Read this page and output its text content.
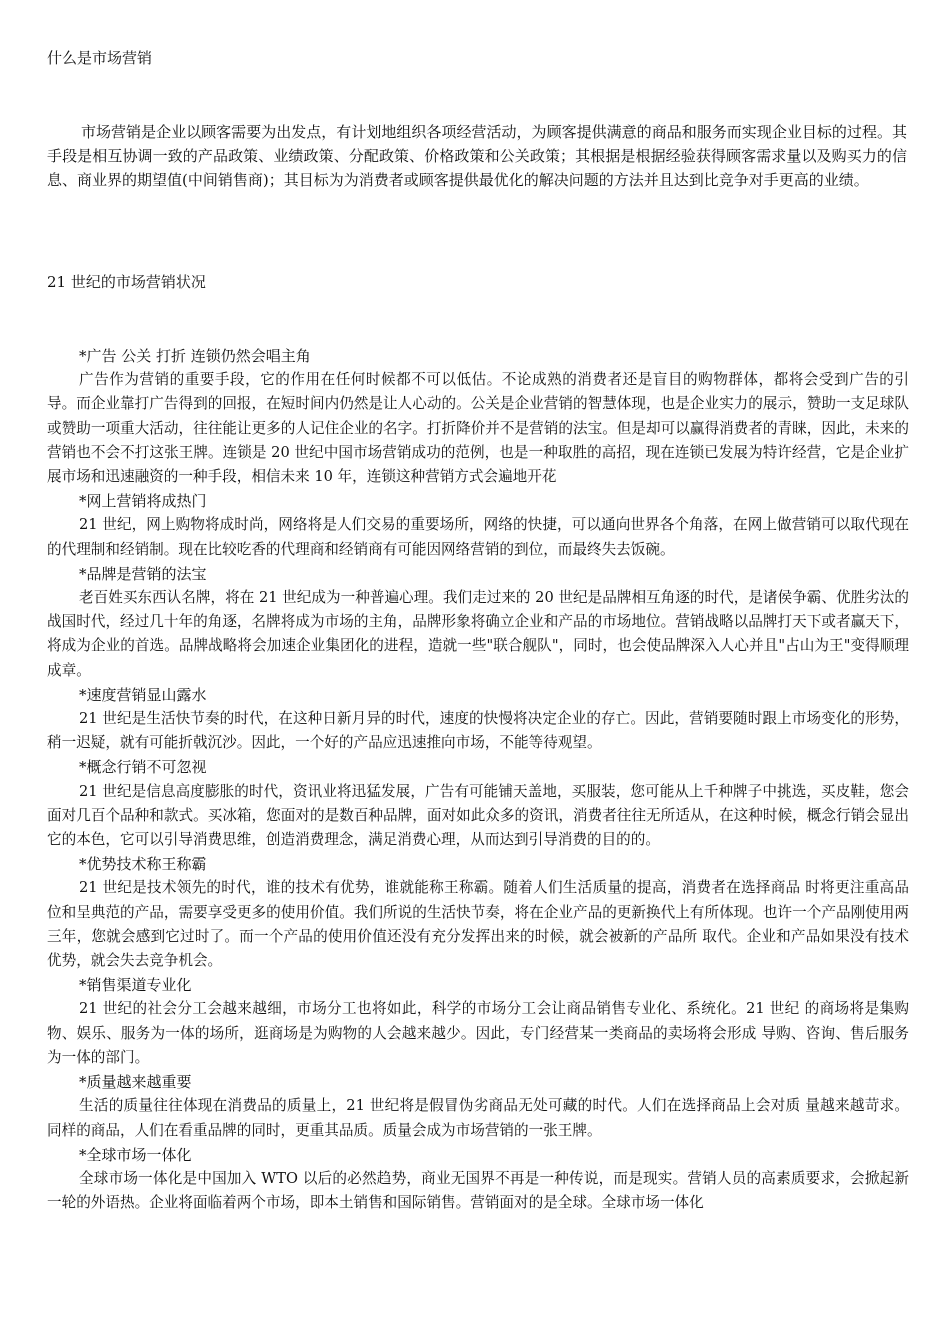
什么是市场营销

市场营销是企业以顾客需要为出发点，有计划地组织各项经营活动，为顾客提供满意的商品和服务而实现企业目标的过程。其手段是相互协调一致的产品政策、业绩政策、分配政策、价格政策和公关政策；其根据是根据经验获得顾客需求量以及购买力的信息、商业界的期望值(中间销售商)；其目标为为消费者或顾客提供最优化的解决问题的方法并且达到比竞争对手更高的业绩。

21 世纪的市场营销状况

*广告 公关 打折 连锁仍然会唱主角

广告作为营销的重要手段，它的作用在任何时候都不可以低估。不论成熟的消费者还是盲目的购物群体，都将会受到广告的引导。而企业靠打广告得到的回报，在短时间内仍然是让人心动的。公关是企业营销的智慧体现，也是企业实力的展示，赞助一支足球队或赞助一项重大活动，往往能让更多的人记住企业的名字。打折降价并不是营销的法宝。但是却可以赢得消费者的青睐，因此，未来的营销也不会不打这张王牌。连锁是 20 世纪中国市场营销成功的范例，也是一种取胜的高招，现在连锁已发展为特许经营，它是企业扩展市场和迅速融资的一种手段，相信未来 10 年，连锁这种营销方式会遍地开花

*网上营销将成热门

21 世纪，网上购物将成时尚，网络将是人们交易的重要场所，网络的快捷，可以通向世界各个角落，在网上做营销可以取代现在的代理制和经销制。现在比较吃香的代理商和经销商有可能因网络营销的到位，而最终失去饭碗。

*品牌是营销的法宝

老百姓买东西认名牌，将在 21 世纪成为一种普遍心理。我们走过来的 20 世纪是品牌相互角逐的时代，是诸侯争霸、优胜劣汰的战国时代，经过几十年的角逐，名牌将成为市场的主角，品牌形象将确立企业和产品的市场地位。营销战略以品牌打天下或者赢天下，将成为企业的首选。品牌战略将会加速企业集团化的进程，造就一些"联合舰队"，同时，也会使品牌深入人心并且"占山为王"变得顺理成章。

*速度营销显山露水

21 世纪是生活快节奏的时代，在这种日新月异的时代，速度的快慢将决定企业的存亡。因此，营销要随时跟上市场变化的形势，稍一迟疑，就有可能折戟沉沙。因此，一个好的产品应迅速推向市场，不能等待观望。

*概念行销不可忽视

21 世纪是信息高度膨胀的时代，资讯业将迅猛发展，广告有可能铺天盖地，买服装，您可能从上千种牌子中挑选，买皮鞋，您会面对几百个品种和款式。买冰箱，您面对的是数百种品牌，面对如此众多的资讯，消费者往往无所适从，在这种时候，概念行销会显出它的本色，它可以引导消费思维，创造消费理念，满足消费心理，从而达到引导消费的目的的。

*优势技术称王称霸

21 世纪是技术领先的时代，谁的技术有优势，谁就能称王称霸。随着人们生活质量的提高，消费者在选择商品 时将更注重高品位和呈典范的产品，需要享受更多的使用价值。我们所说的生活快节奏，将在企业产品的更新换代上有所体现。也许一个产品刚使用两三年，您就会感到它过时了。而一个产品的使用价值还没有充分发挥出来的时候，就会被新的产品所 取代。企业和产品如果没有技术优势，就会失去竞争机会。

*销售渠道专业化

21 世纪的社会分工会越来越细，市场分工也将如此，科学的市场分工会让商品销售专业化、系统化。21 世纪 的商场将是集购物、娱乐、服务为一体的场所，逛商场是为购物的人会越来越少。因此，专门经营某一类商品的卖场将会形成 导购、咨询、售后服务为一体的部门。

*质量越来越重要

生活的质量往往体现在消费品的质量上，21 世纪将是假冒伪劣商品无处可藏的时代。人们在选择商品上会对质 量越来越苛求。同样的商品，人们在看重品牌的同时，更重其品质。质量会成为市场营销的一张王牌。

*全球市场一体化

全球市场一体化是中国加入 WTO 以后的必然趋势，商业无国界不再是一种传说，而是现实。营销人员的高素质要求，会掀起新一轮的外语热。企业将面临着两个市场，即本土销售和国际销售。营销面对的是全球。全球市场一体化
